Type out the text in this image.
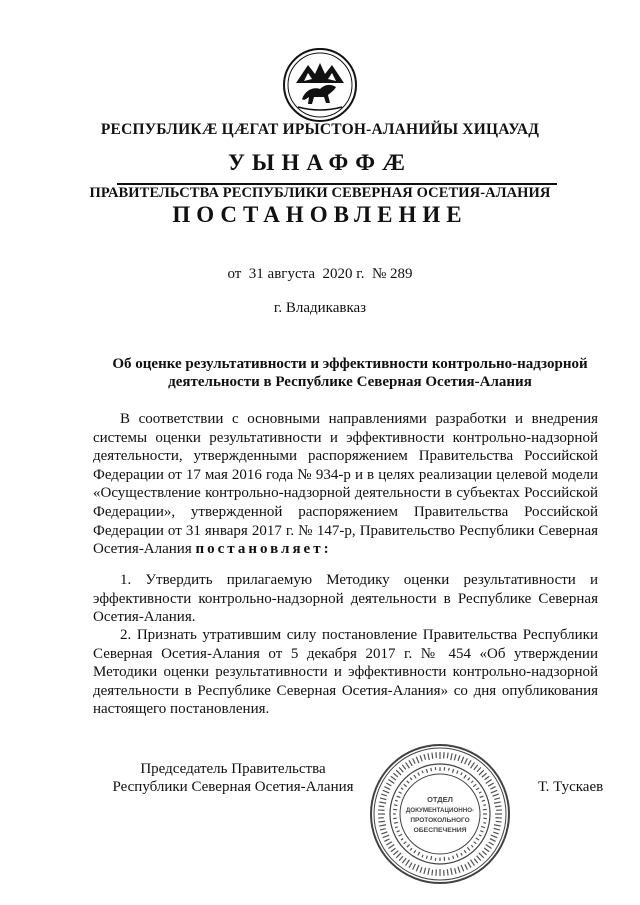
РЕСПУБЛИКӔ ЦӔГАТ ИРЫСТОН-АЛАНИЙЫ ХИЦАУАД
УЫНАФФӔ
ПРАВИТЕЛЬСТВА РЕСПУБЛИКИ СЕВЕРНАЯ ОСЕТИЯ-АЛАНИЯ
ПОСТАНОВЛЕНИЕ
от  31 августа  2020 г.  № 289
г. Владикавказ
Об оценке результативности и эффективности контрольно-надзорной деятельности в Республике Северная Осетия-Алания
В соответствии с основными направлениями разработки и внедрения системы оценки результативности и эффективности контрольно-надзорной деятельности, утвержденными распоряжением Правительства Российской Федерации от 17 мая 2016 года № 934-р и в целях реализации целевой модели «Осуществление контрольно-надзорной деятельности в субъектах Российской Федерации», утвержденной распоряжением Правительства Российской Федерации от 31 января 2017 г. № 147-р, Правительство Республики Северная Осетия-Алания постановляет:
1. Утвердить прилагаемую Методику оценки результативности и эффективности контрольно-надзорной деятельности в Республике Северная Осетия-Алания.
2. Признать утратившим силу постановление Правительства Республики Северная Осетия-Алания от 5 декабря 2017 г. № 454 «Об утверждении Методики оценки результативности и эффективности контрольно-надзорной деятельности в Республике Северная Осетия-Алания» со дня опубликования настоящего постановления.
Председатель Правительства
Республики Северная Осетия-Алания	Т. Тускаев
ОТДЕЛ
ДОКУМЕНТАЦИОННО-
ПРОТОКОЛЬНОГО
ОБЕСПЕЧЕНИЯ
